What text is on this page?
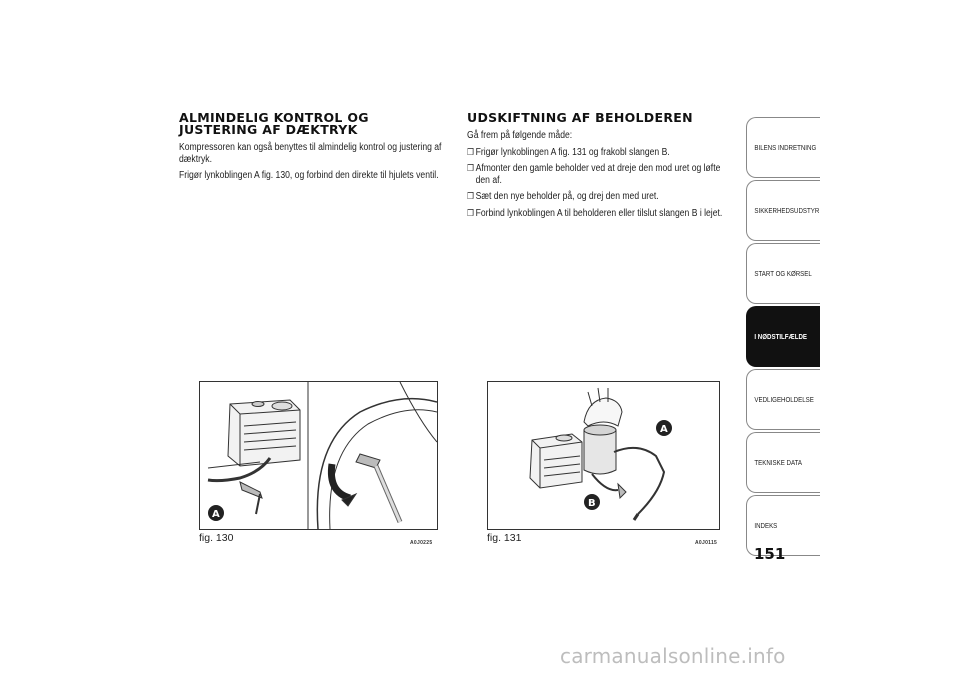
ALMINDELIG KONTROL OG JUSTERING AF DÆKTRYK

Kompressoren kan også benyttes til almindelig kontrol og justering af dæktryk.

Frigør lynkoblingen A fig. 130, og forbind den direkte til hjulets ventil.

UDSKIFTNING AF BEHOLDEREN

Gå frem på følgende måde:

❒ Frigør lynkoblingen A fig. 131 og frakobl slangen B.
❒ Afmonter den gamle beholder ved at dreje den mod uret og løfte den af.
❒ Sæt den nye beholder på, og drej den med uret.
❒ Forbind lynkoblingen A til beholderen eller tilslut slangen B i lejet.
A
fig. 130	A0J0225
A
B
fig. 131	A0J0115
BILENS INDRETNING
SIKKERHEDSUDSTYR
START OG KØRSEL
I NØDSTILFÆLDE
VEDLIGEHOLDELSE
TEKNISKE DATA
INDEKS
151
carmanualsonline.info
